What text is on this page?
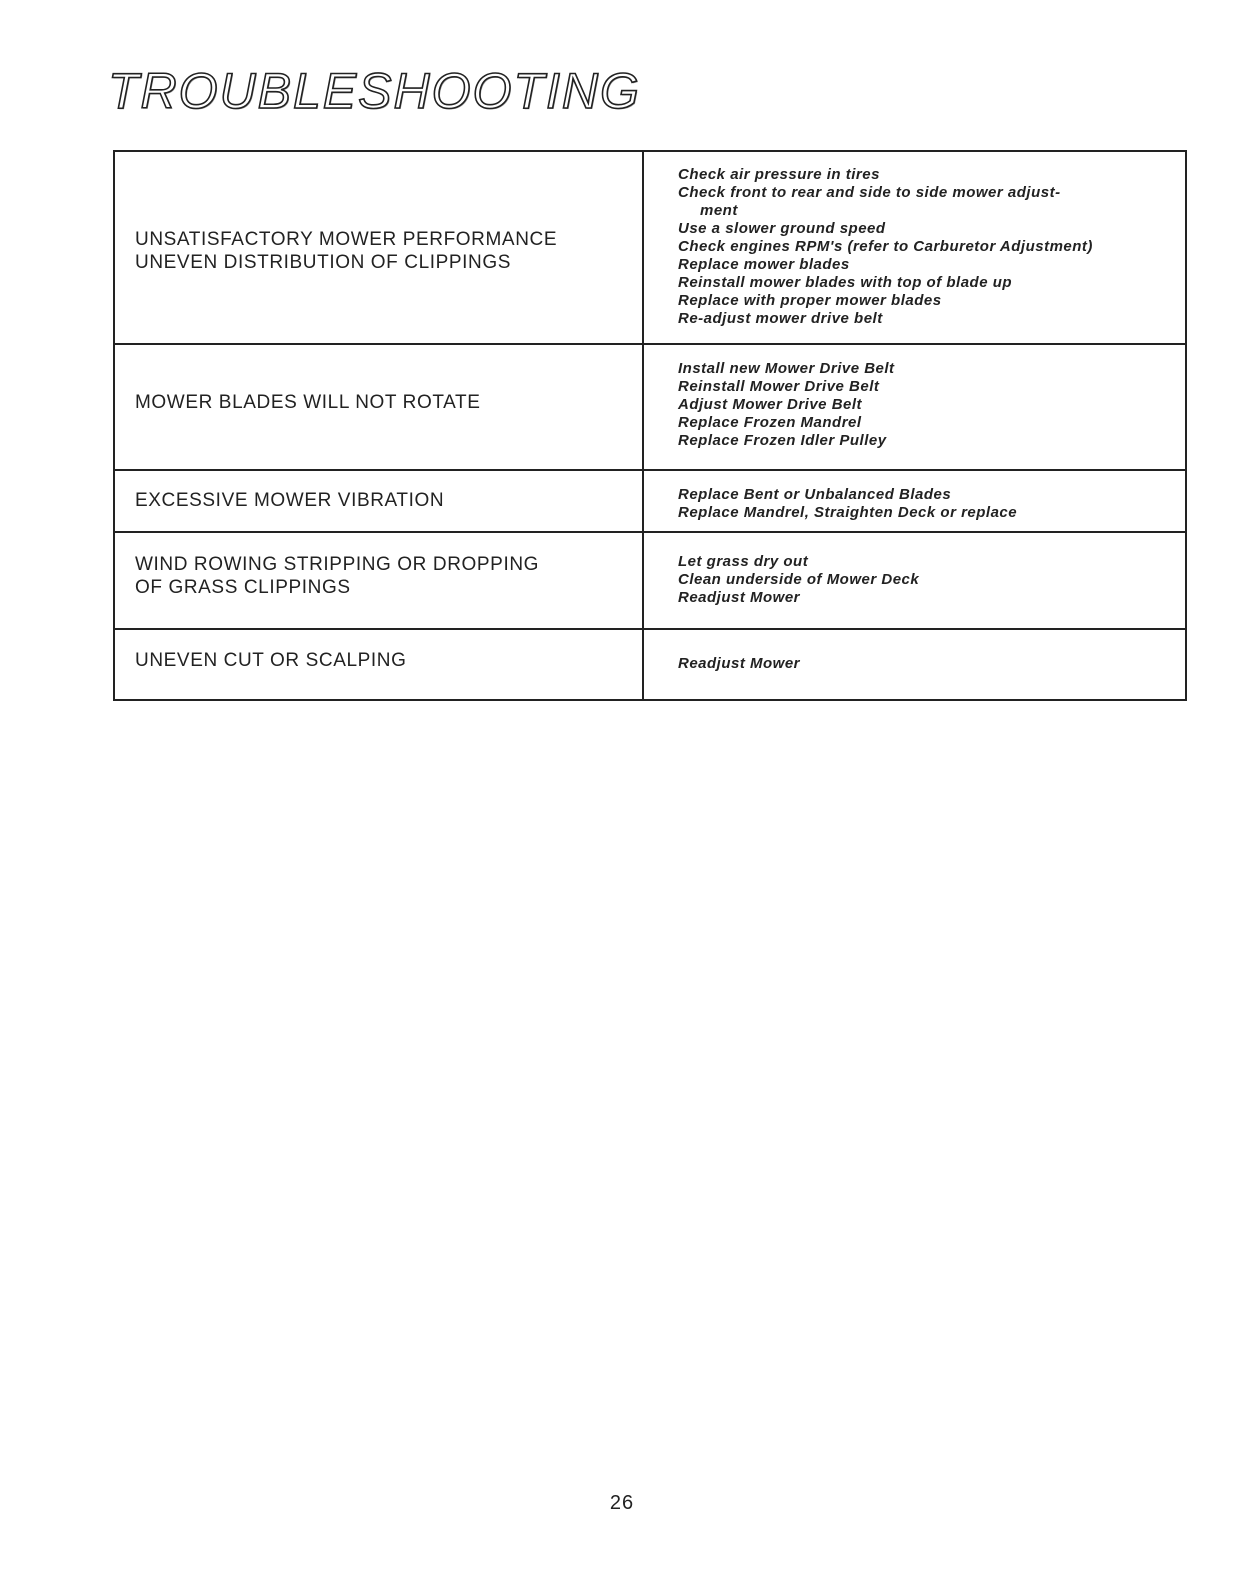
TROUBLESHOOTING
UNSATISFACTORY MOWER PERFORMANCE
UNEVEN DISTRIBUTION OF CLIPPINGS
Check air pressure in tires
Check front to rear and side to side mower adjust-
ment
Use a slower ground speed
Check engines RPM's (refer to Carburetor Adjustment)
Replace mower blades
Reinstall mower blades with top of blade up
Replace with proper mower blades
Re-adjust mower drive belt
MOWER BLADES WILL NOT ROTATE
Install new Mower Drive Belt
Reinstall Mower Drive Belt
Adjust Mower Drive Belt
Replace Frozen Mandrel
Replace Frozen Idler Pulley
EXCESSIVE MOWER VIBRATION	Replace Bent or Unbalanced Blades
Replace Mandrel, Straighten Deck or replace
WIND ROWING STRIPPING OR DROPPING
OF GRASS CLIPPINGS
Let grass dry out
Clean underside of Mower Deck
Readjust Mower
UNEVEN CUT OR SCALPING	Readjust Mower
26
